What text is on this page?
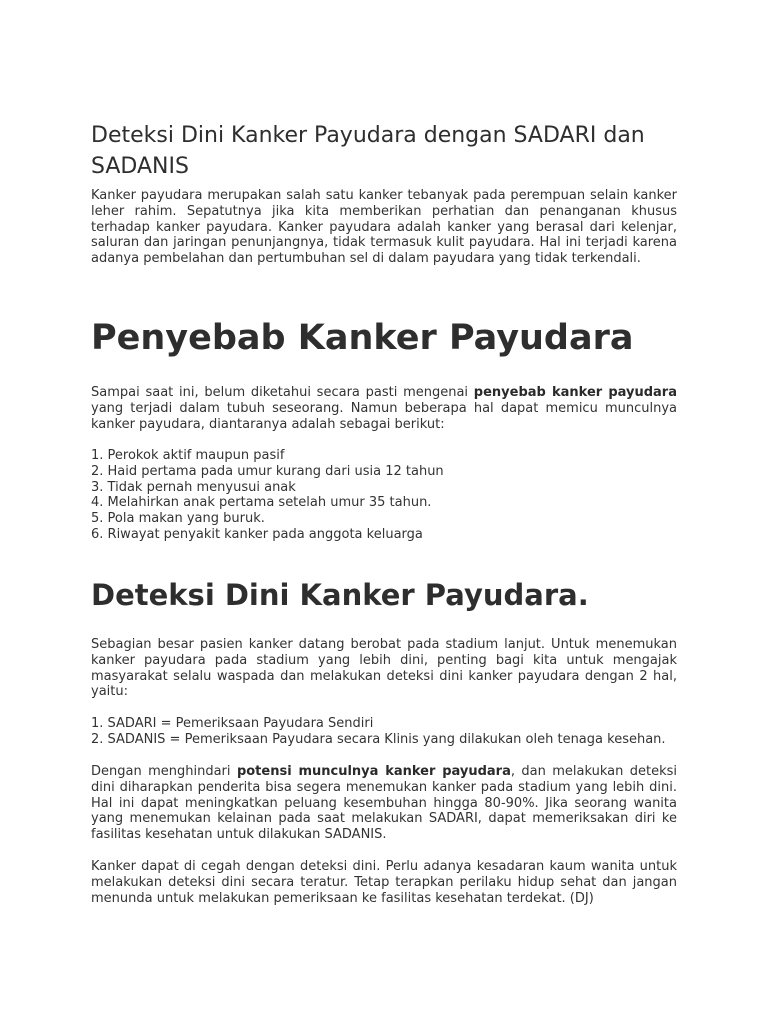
Deteksi Dini Kanker Payudara dengan SADARI dan SADANIS

Kanker payudara merupakan salah satu kanker tebanyak pada perempuan selain kanker leher rahim. Sepatutnya jika kita memberikan perhatian dan penanganan khusus terhadap kanker payudara. Kanker payudara adalah kanker yang berasal dari kelenjar, saluran dan jaringan penunjangnya, tidak termasuk kulit payudara. Hal ini terjadi karena adanya pembelahan dan pertumbuhan sel di dalam payudara yang tidak terkendali.

Penyebab Kanker Payudara

Sampai saat ini, belum diketahui secara pasti mengenai penyebab kanker payudara yang terjadi dalam tubuh seseorang. Namun beberapa hal dapat memicu munculnya kanker payudara, diantaranya adalah sebagai berikut:

1. Perokok aktif maupun pasif
2. Haid pertama pada umur kurang dari usia 12 tahun
3. Tidak pernah menyusui anak
4. Melahirkan anak pertama setelah umur 35 tahun.
5. Pola makan yang buruk.
6. Riwayat penyakit kanker pada anggota keluarga
Deteksi Dini Kanker Payudara.

Sebagian besar pasien kanker datang berobat pada stadium lanjut. Untuk menemukan kanker payudara pada stadium yang lebih dini, penting bagi kita untuk mengajak masyarakat selalu waspada dan melakukan deteksi dini kanker payudara dengan 2 hal, yaitu:

1. SADARI = Pemeriksaan Payudara Sendiri
2. SADANIS = Pemeriksaan Payudara secara Klinis yang dilakukan oleh tenaga kesehan.

Dengan menghindari potensi munculnya kanker payudara, dan melakukan deteksi dini diharapkan penderita bisa segera menemukan kanker pada stadium yang lebih dini. Hal ini dapat meningkatkan peluang kesembuhan hingga 80-90%. Jika seorang wanita yang menemukan kelainan pada saat melakukan SADARI, dapat memeriksakan diri ke fasilitas kesehatan untuk dilakukan SADANIS.

Kanker dapat di cegah dengan deteksi dini. Perlu adanya kesadaran kaum wanita untuk melakukan deteksi dini secara teratur. Tetap terapkan perilaku hidup sehat dan jangan menunda untuk melakukan pemeriksaan ke fasilitas kesehatan terdekat. (DJ)
